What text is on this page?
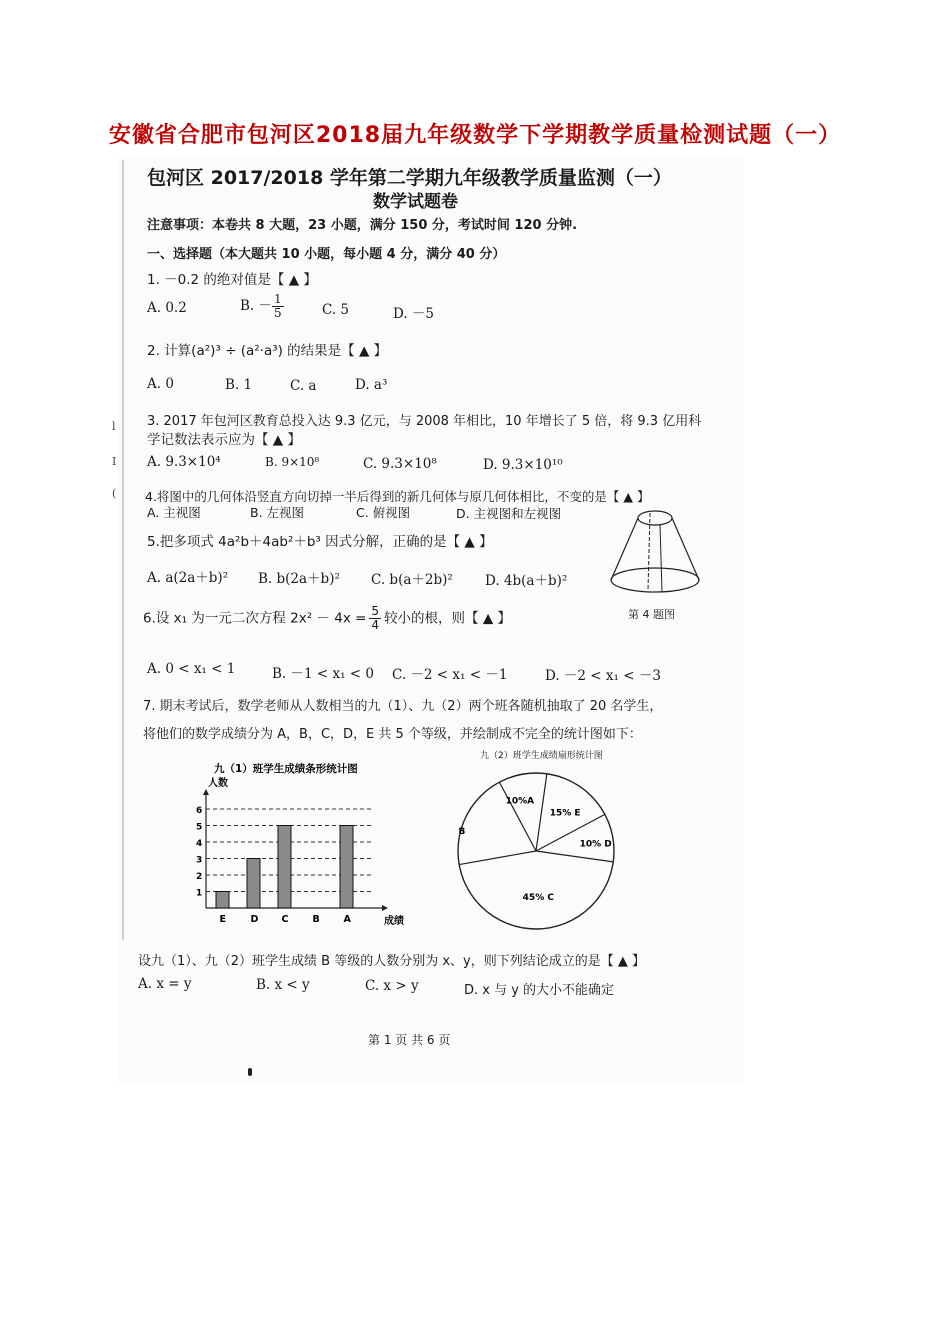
安徽省合肥市包河区2018届九年级数学下学期教学质量检测试题（一）
l
I
(
包河区 2017/2018 学年第二学期九年级教学质量监测（一）
数学试题卷
注意事项：本卷共 8 大题，23 小题，满分 150 分，考试时间 120 分钟.
一、选择题（本大题共 10 小题，每小题 4 分，满分 40 分）
1. －0.2 的绝对值是【 ▲ 】
A. 0.2	B. － $\frac{1}{5}$	C. 5	D. －5
2. 计算(a²)³ ÷ (a²·a³) 的结果是【 ▲ 】
A. 0	B. 1	C. a	D. a³
3. 2017 年包河区教育总投入达 9.3 亿元，与 2008 年相比，10 年增长了 5 倍，将 9.3 亿用科
学记数法表示应为【 ▲ 】
A. 9.3×10⁴	B. 9×10⁸	C. 9.3×10⁸	D. 9.3×10¹⁰
4.将图中的几何体沿竖直方向切掉一半后得到的新几何体与原几何体相比，不变的是【 ▲ 】
A. 主视图	B. 左视图	C. 俯视图	D. 主视图和左视图
第 4 题图
5.把多项式 4a²b＋4ab²＋b³ 因式分解，正确的是【 ▲ 】
A. a(2a＋b)² B. b(2a＋b)² C. b(a＋2b)² D. 4b(a＋b)²
6.设 x₁ 为一元二次方程 $2x^2 - 4x = \frac{5}{4}$ 较小的根，则【 ▲ 】
A. 0 < x₁ < 1	B. －1 < x₁ < 0 C. －2 < x₁ < －1	D. －2 < x₁ < －3
7. 期末考试后，数学老师从人数相当的九（1）、九（2）两个班各随机抽取了 20 名学生，
将他们的数学成绩分为 A，B，C，D，E 共 5 个等级，并绘制成不完全的统计图如下：
九（1）班学生成绩条形统计图
人数
成绩
1
2
3
4
5
6
E	D C	B	A
九（2）班学生成绩扇形统计图
10%A
15% E
10% D
45% C
B
设九（1）、九（2）班学生成绩 B 等级的人数分别为 x、y，则下列结论成立的是【 ▲ 】
A. x = y	B. x < y	C. x > y	D. x 与 y 的大小不能确定
第 1 页 共 6 页
